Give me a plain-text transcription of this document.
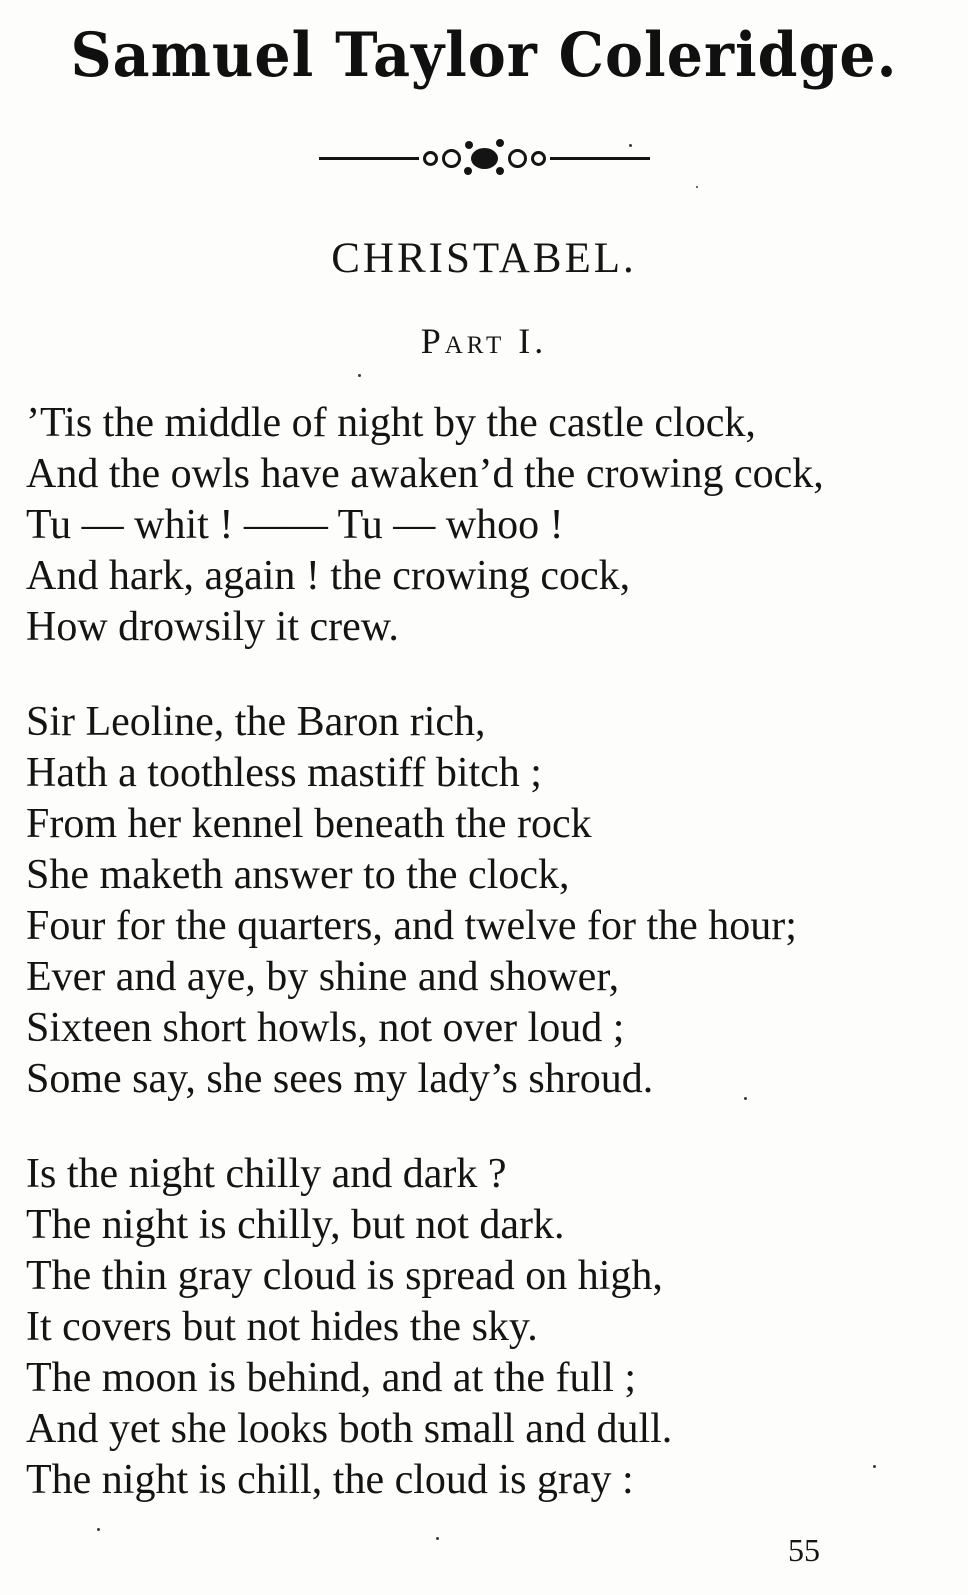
Samuel Taylor Coleridge.
CHRISTABEL.
Part I.
’Tis the middle of night by the castle clock,
And the owls have awaken’d the crowing cock,
Tu — whit ! —— Tu — whoo !
And hark, again ! the crowing cock,
How drowsily it crew.
Sir Leoline, the Baron rich,
Hath a toothless mastiff bitch ;
From her kennel beneath the rock
She maketh answer to the clock,
Four for the quarters, and twelve for the hour;
Ever and aye, by shine and shower,
Sixteen short howls, not over loud ;
Some say, she sees my lady’s shroud.
Is the night chilly and dark ?
The night is chilly, but not dark.
The thin gray cloud is spread on high,
It covers but not hides the sky.
The moon is behind, and at the full ;
And yet she looks both small and dull.
The night is chill, the cloud is gray :
55
